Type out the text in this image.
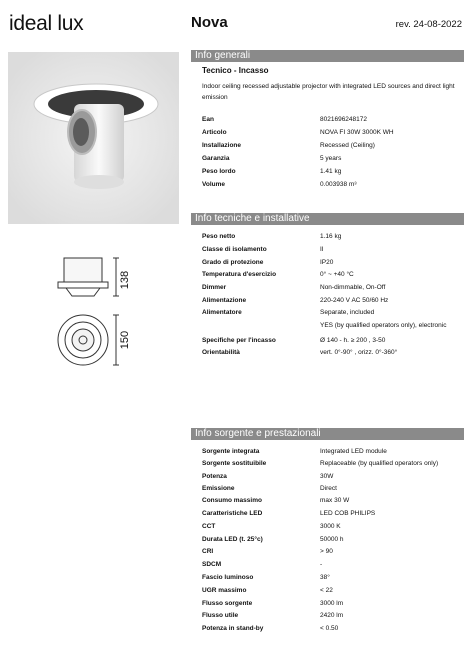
ideal lux	Nova	rev. 24-08-2022
138
150
Info generali
Tecnico - Incasso
Indoor ceiling recessed adjustable projector with integrated LED sources and direct light emission
Ean	8021696248172
Articolo	NOVA FI 30W 3000K WH
Installazione	Recessed (Ceiling)
Garanzia	5 years
Peso lordo	1.41 kg
Volume	0.003938 m³
Info tecniche e installative
Peso netto	1.16 kg
Classe di isolamento	II
Grado di protezione	IP20
Temperatura d'esercizio	0° ~ +40 °C
Dimmer	Non-dimmable, On-Off
Alimentazione	220-240 V AC 50/60 Hz
Alimentatore	Separate, included
YES (by qualified operators only), electronic
Specifiche per l'incasso	Ø 140 - h. ≥ 200 , 3-50
Orientabilità	vert. 0°-90° , orizz. 0°-360°
Info sorgente e prestazionali
Sorgente integrata	Integrated LED module
Sorgente sostituibile	Replaceable (by qualified operators only)
Potenza	30W
Emissione	Direct
Consumo massimo	max 30 W
Caratteristiche LED	LED COB PHILIPS
CCT	3000 K
Durata LED (t. 25°c)	50000 h
CRI	> 90
SDCM	-
Fascio luminoso	38°
UGR massimo	< 22
Flusso sorgente	3000 lm
Flusso utile	2420 lm
Potenza in stand-by	< 0.50
